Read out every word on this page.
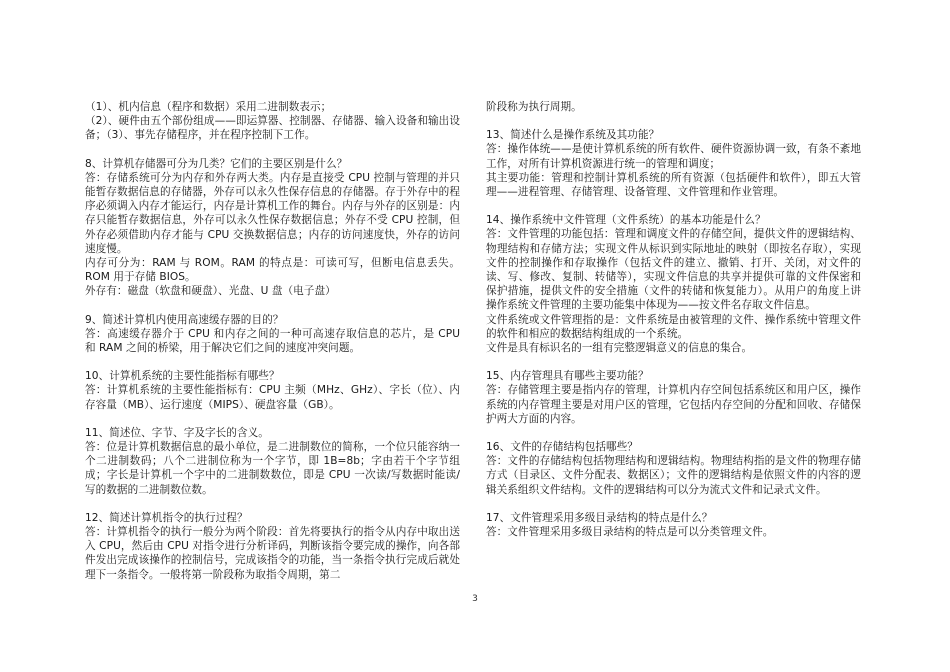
（1）、机内信息（程序和数据）采用二进制数表示；

（2）、硬件由五个部份组成——即运算器、控制器、存储器、输入设备和输出设备；（3）、事先存储程序，并在程序控制下工作。

8、计算机存储器可分为几类？它们的主要区别是什么？

答：存储系统可分为内存和外存两大类。内存是直接受 CPU 控制与管理的并只能暂存数据信息的存储器，外存可以永久性保存信息的存储器。存于外存中的程序必须调入内存才能运行，内存是计算机工作的舞台。内存与外存的区别是：内存只能暂存数据信息，外存可以永久性保存数据信息；外存不受 CPU 控制，但外存必须借助内存才能与 CPU 交换数据信息；内存的访问速度快，外存的访问速度慢。

内存可分为：RAM 与 ROM。RAM 的特点是：可读可写，但断电信息丢失。ROM 用于存储 BIOS。

外存有：磁盘（软盘和硬盘）、光盘、U 盘（电子盘）

9、简述计算机内使用高速缓存器的目的？

答：高速缓存器介于 CPU 和内存之间的一种可高速存取信息的芯片，是 CPU 和 RAM 之间的桥梁，用于解决它们之间的速度冲突问题。

10、计算机系统的主要性能指标有哪些？

答：计算机系统的主要性能指标有：CPU 主频（MHz、GHz）、字长（位）、内存容量（MB）、运行速度（MIPS）、硬盘容量（GB）。

11、简述位、字节、字及字长的含义。

答：位是计算机数据信息的最小单位，是二进制数位的简称，一个位只能容纳一个二进制数码；八个二进制位称为一个字节，即 1B=8b；字由若干个字节组成；字长是计算机一个字中的二进制数数位，即是 CPU 一次读/写数据时能读/写的数据的二进制数位数。

12、简述计算机指令的执行过程？

答：计算机指令的执行一般分为两个阶段：首先将要执行的指令从内存中取出送入 CPU，然后由 CPU 对指令进行分析译码，判断该指令要完成的操作，向各部件发出完成该操作的控制信号，完成该指令的功能，当一条指令执行完成后就处理下一条指令。一般将第一阶段称为取指令周期，第二

阶段称为执行周期。

13、简述什么是操作系统及其功能？

答：操作体统——是使计算机系统的所有软件、硬件资源协调一致，有条不紊地工作，对所有计算机资源进行统一的管理和调度；

其主要功能：管理和控制计算机系统的所有资源（包括硬件和软件），即五大管理——进程管理、存储管理、设备管理、文件管理和作业管理。

14、操作系统中文件管理（文件系统）的基本功能是什么？

答：文件管理的功能包括：管理和调度文件的存储空间，提供文件的逻辑结构、物理结构和存储方法；实现文件从标识到实际地址的映射（即按名存取），实现文件的控制操作和存取操作（包括文件的建立、撤销、打开、关闭，对文件的读、写、修改、复制、转储等），实现文件信息的共享并提供可靠的文件保密和保护措施，提供文件的安全措施（文件的转储和恢复能力）。从用户的角度上讲操作系统文件管理的主要功能集中体现为——按文件名存取文件信息。

文件系统或文件管理指的是：文件系统是由被管理的文件、操作系统中管理文件的软件和相应的数据结构组成的一个系统。

文件是具有标识名的一组有完整逻辑意义的信息的集合。

15、内存管理具有哪些主要功能？

答：存储管理主要是指内存的管理，计算机内存空间包括系统区和用户区，操作系统的内存管理主要是对用户区的管理，它包括内存空间的分配和回收、存储保护两大方面的内容。

16、文件的存储结构包括哪些？

答：文件的存储结构包括物理结构和逻辑结构。物理结构指的是文件的物理存储方式（目录区、文件分配表、数据区）；文件的逻辑结构是依照文件的内容的逻辑关系组织文件结构。文件的逻辑结构可以分为流式文件和记录式文件。

17、文件管理采用多级目录结构的特点是什么？

答：文件管理采用多级目录结构的特点是可以分类管理文件。

3
